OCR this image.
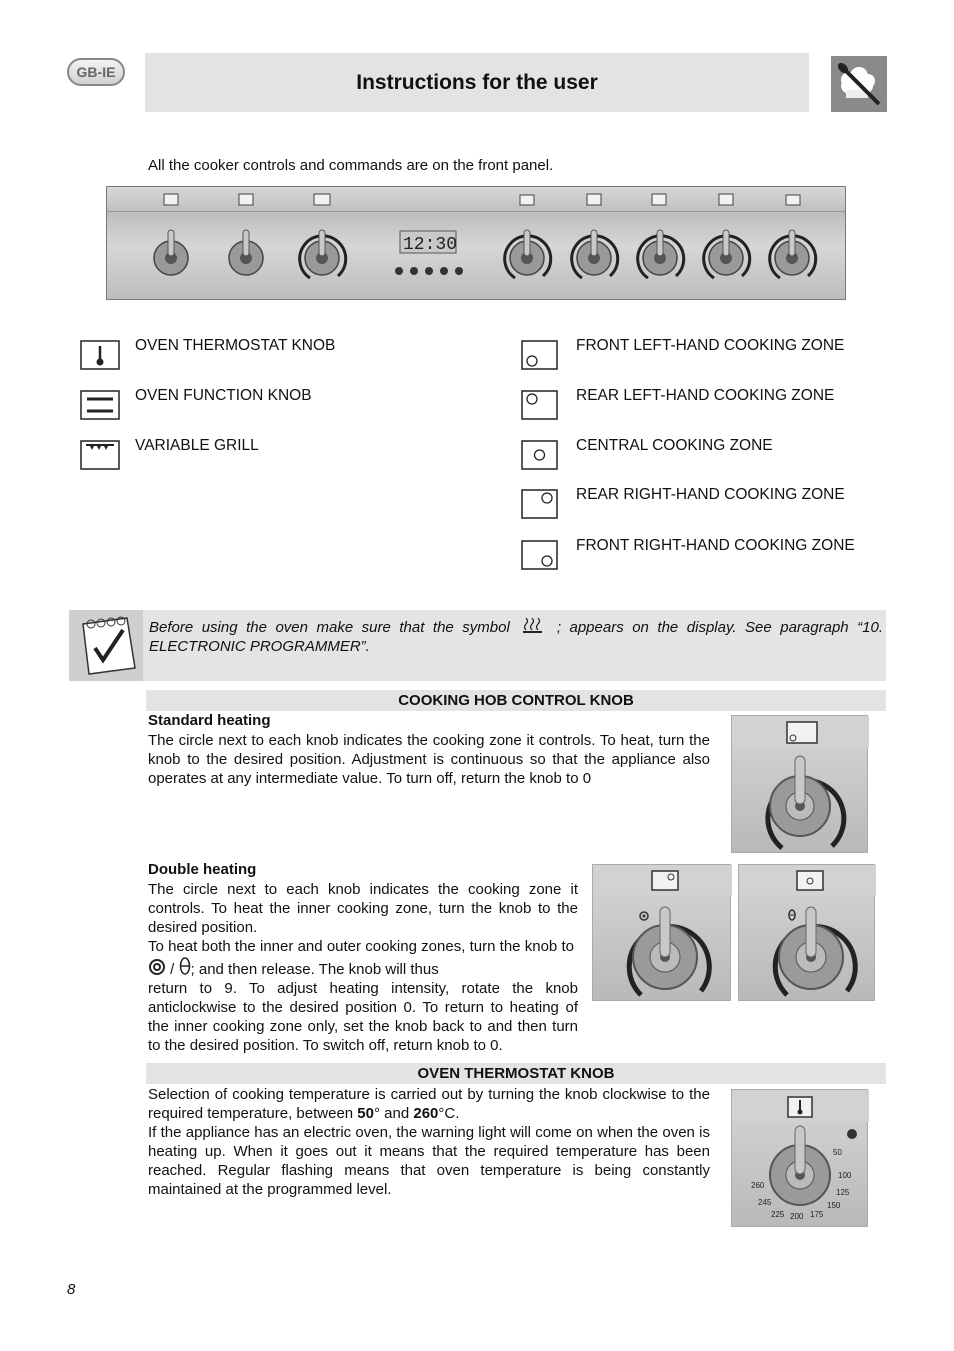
GB-IE	Instructions for the user
All the cooker controls and commands are on the front panel.
12:30
OVEN THERMOSTAT KNOB
OVEN FUNCTION KNOB
VARIABLE GRILL
FRONT LEFT-HAND COOKING ZONE
REAR LEFT-HAND COOKING ZONE
CENTRAL COOKING ZONE
REAR RIGHT-HAND COOKING ZONE
FRONT RIGHT-HAND COOKING ZONE
Before using the oven make sure that the symbol	; appears on the display. See paragraph “10. ELECTRONIC PROGRAMMER”.
COOKING HOB CONTROL KNOB
Standard heating
The circle next to each knob indicates the cooking zone it controls. To heat, turn the knob to the desired position. Adjustment is continuous so that the appliance also operates at any intermediate value. To turn off, return the knob to 0
Double heating
The circle next to each knob indicates the cooking zone it controls. To heat the inner cooking zone, turn the knob to the desired position.
To heat both the inner and outer cooking zones, turn the knob to / ; and then release. The knob will thus
return to 9. To adjust heating intensity, rotate the knob anticlockwise to the desired position 0. To return to heating of the inner cooking zone only, set the knob back to and then turn to the desired position. To switch off, return knob to 0.
OVEN THERMOSTAT KNOB
Selection of cooking temperature is carried out by turning the knob clockwise to the required temperature, between 50° and 260°C.
If the appliance has an electric oven, the warning light will come on when the oven is heating up. When it goes out it means that the required temperature has been reached. Regular flashing means that oven temperature is being constantly maintained at the programmed level.
50
100
125
150
175
200
225
245
260
8
